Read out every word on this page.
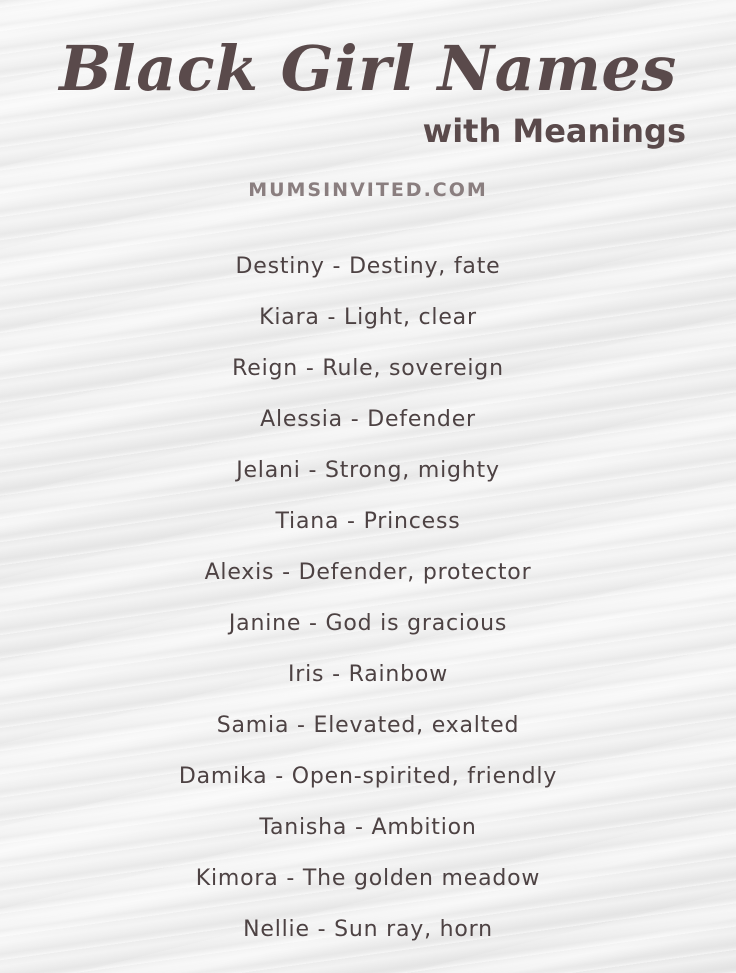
Black Girl Names
with Meanings

MUMSINVITED.COM

Destiny - Destiny, fate
Kiara - Light, clear
Reign - Rule, sovereign
Alessia - Defender
Jelani - Strong, mighty
Tiana - Princess
Alexis - Defender, protector
Janine - God is gracious
Iris - Rainbow
Samia - Elevated, exalted
Damika - Open-spirited, friendly
Tanisha - Ambition
Kimora - The golden meadow
Nellie - Sun ray, horn
